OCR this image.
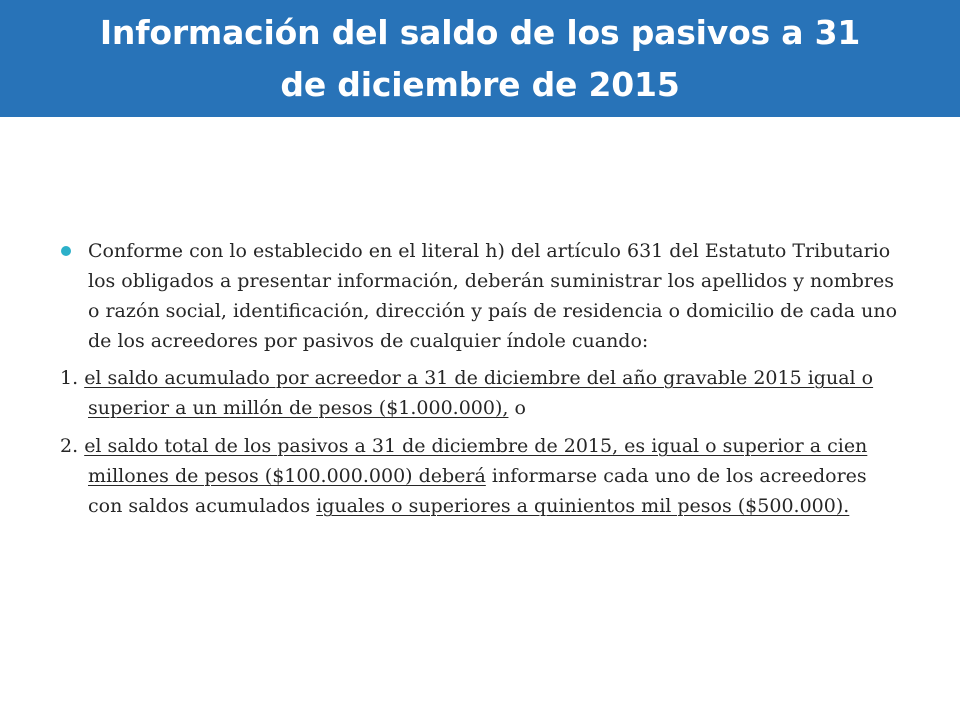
Información del saldo de los pasivos a 31
de diciembre de 2015
Conforme con lo establecido en el literal h) del artículo 631 del Estatuto Tributario los obligados a presentar información, deberán suministrar los apellidos y nombres o razón social, identificación, dirección y país de residencia o domicilio de cada uno de los acreedores por pasivos de cualquier índole cuando:
1. el saldo acumulado por acreedor a 31 de diciembre del año gravable 2015 igual o superior a un millón de pesos ($1.000.000), o
2. el saldo total de los pasivos a 31 de diciembre de 2015, es igual o superior a cien millones de pesos ($100.000.000) deberá informarse cada uno de los acreedores con saldos acumulados iguales o superiores a quinientos mil pesos ($500.000).
